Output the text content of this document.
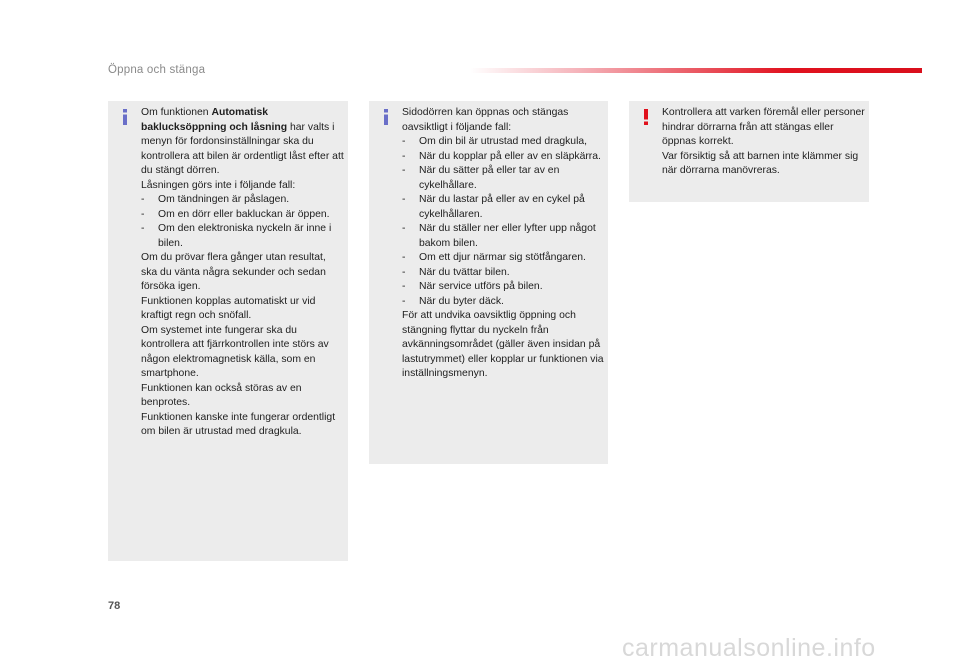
Öppna och stänga

Om funktionen Automatisk baklucksöppning och låsning har valts i menyn för fordonsinställningar ska du kontrollera att bilen är ordentligt låst efter att du stängt dörren.

Låsningen görs inte i följande fall:

-	Om tändningen är påslagen.
-	Om en dörr eller bakluckan är öppen.
-	Om den elektroniska nyckeln är inne i bilen.

Om du prövar flera gånger utan resultat, ska du vänta några sekunder och sedan försöka igen.

Funktionen kopplas automatiskt ur vid kraftigt regn och snöfall.

Om systemet inte fungerar ska du kontrollera att fjärrkontrollen inte störs av någon elektromagnetisk källa, som en smartphone.

Funktionen kan också störas av en benprotes.

Funktionen kanske inte fungerar ordentligt om bilen är utrustad med dragkula.

Sidodörren kan öppnas och stängas oavsiktligt i följande fall:

-	Om din bil är utrustad med dragkula,
-	När du kopplar på eller av en släpkärra.
-	När du sätter på eller tar av en cykelhållare.
-	När du lastar på eller av en cykel på cykelhållaren.
-	När du ställer ner eller lyfter upp något bakom bilen.
-	Om ett djur närmar sig stötfångaren.
-	När du tvättar bilen.
-	När service utförs på bilen.
-	När du byter däck.

För att undvika oavsiktlig öppning och stängning flyttar du nyckeln från avkänningsområdet (gäller även insidan på lastutrymmet) eller kopplar ur funktionen via inställningsmenyn.

Kontrollera att varken föremål eller personer hindrar dörrarna från att stängas eller öppnas korrekt.

Var försiktig så att barnen inte klämmer sig när dörrarna manövreras.

78
carmanualsonline.info
